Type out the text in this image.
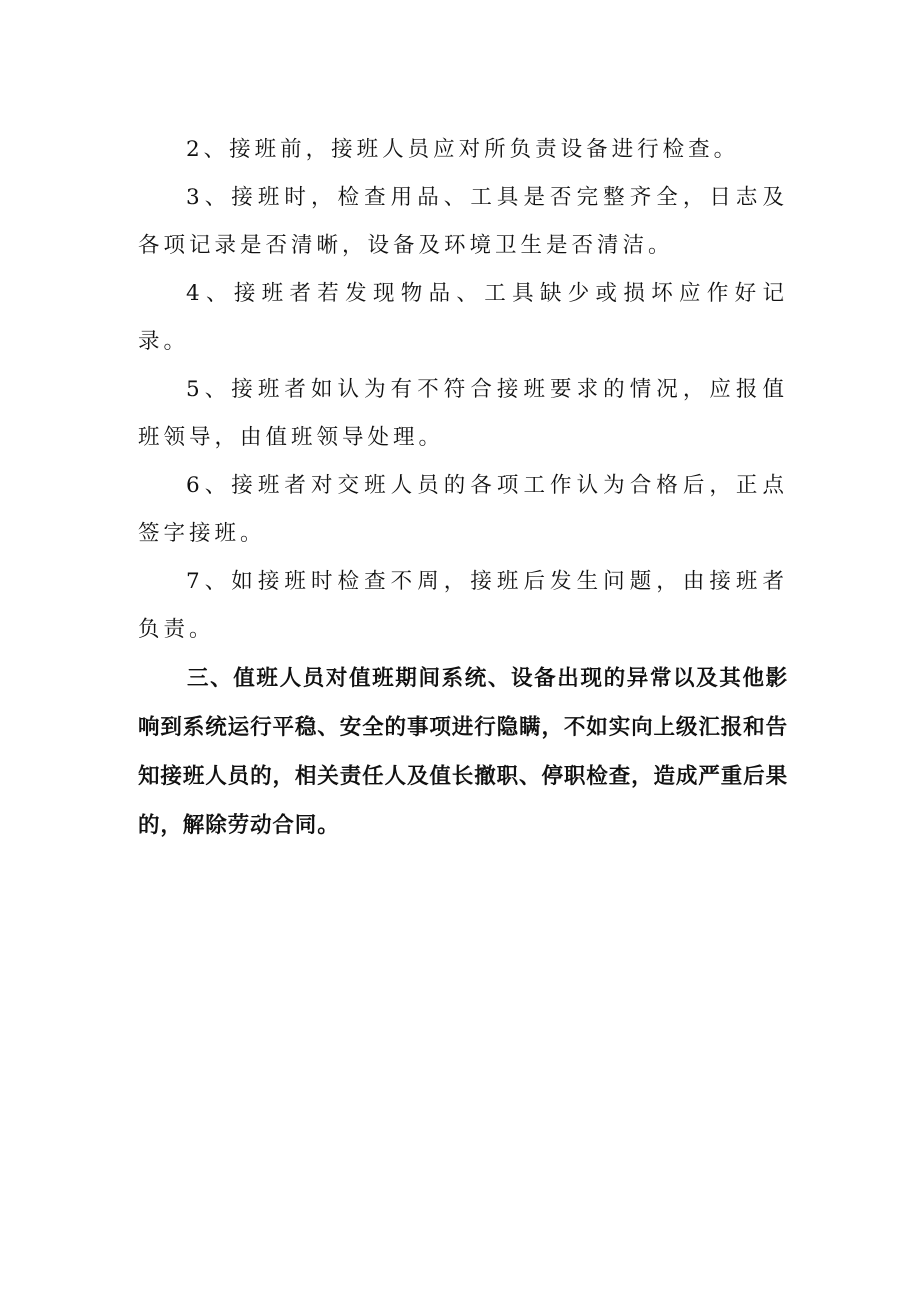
2、接班前，接班人员应对所负责设备进行检查。

3、接班时，检查用品、工具是否完整齐全，日志及各项记录是否清晰，设备及环境卫生是否清洁。

4、接班者若发现物品、工具缺少或损坏应作好记录。

5、接班者如认为有不符合接班要求的情况，应报值班领导，由值班领导处理。

6、接班者对交班人员的各项工作认为合格后，正点签字接班。

7、如接班时检查不周，接班后发生问题，由接班者负责。

三、值班人员对值班期间系统、设备出现的异常以及其他影响到系统运行平稳、安全的事项进行隐瞒，不如实向上级汇报和告知接班人员的，相关责任人及值长撤职、停职检查，造成严重后果的，解除劳动合同。
